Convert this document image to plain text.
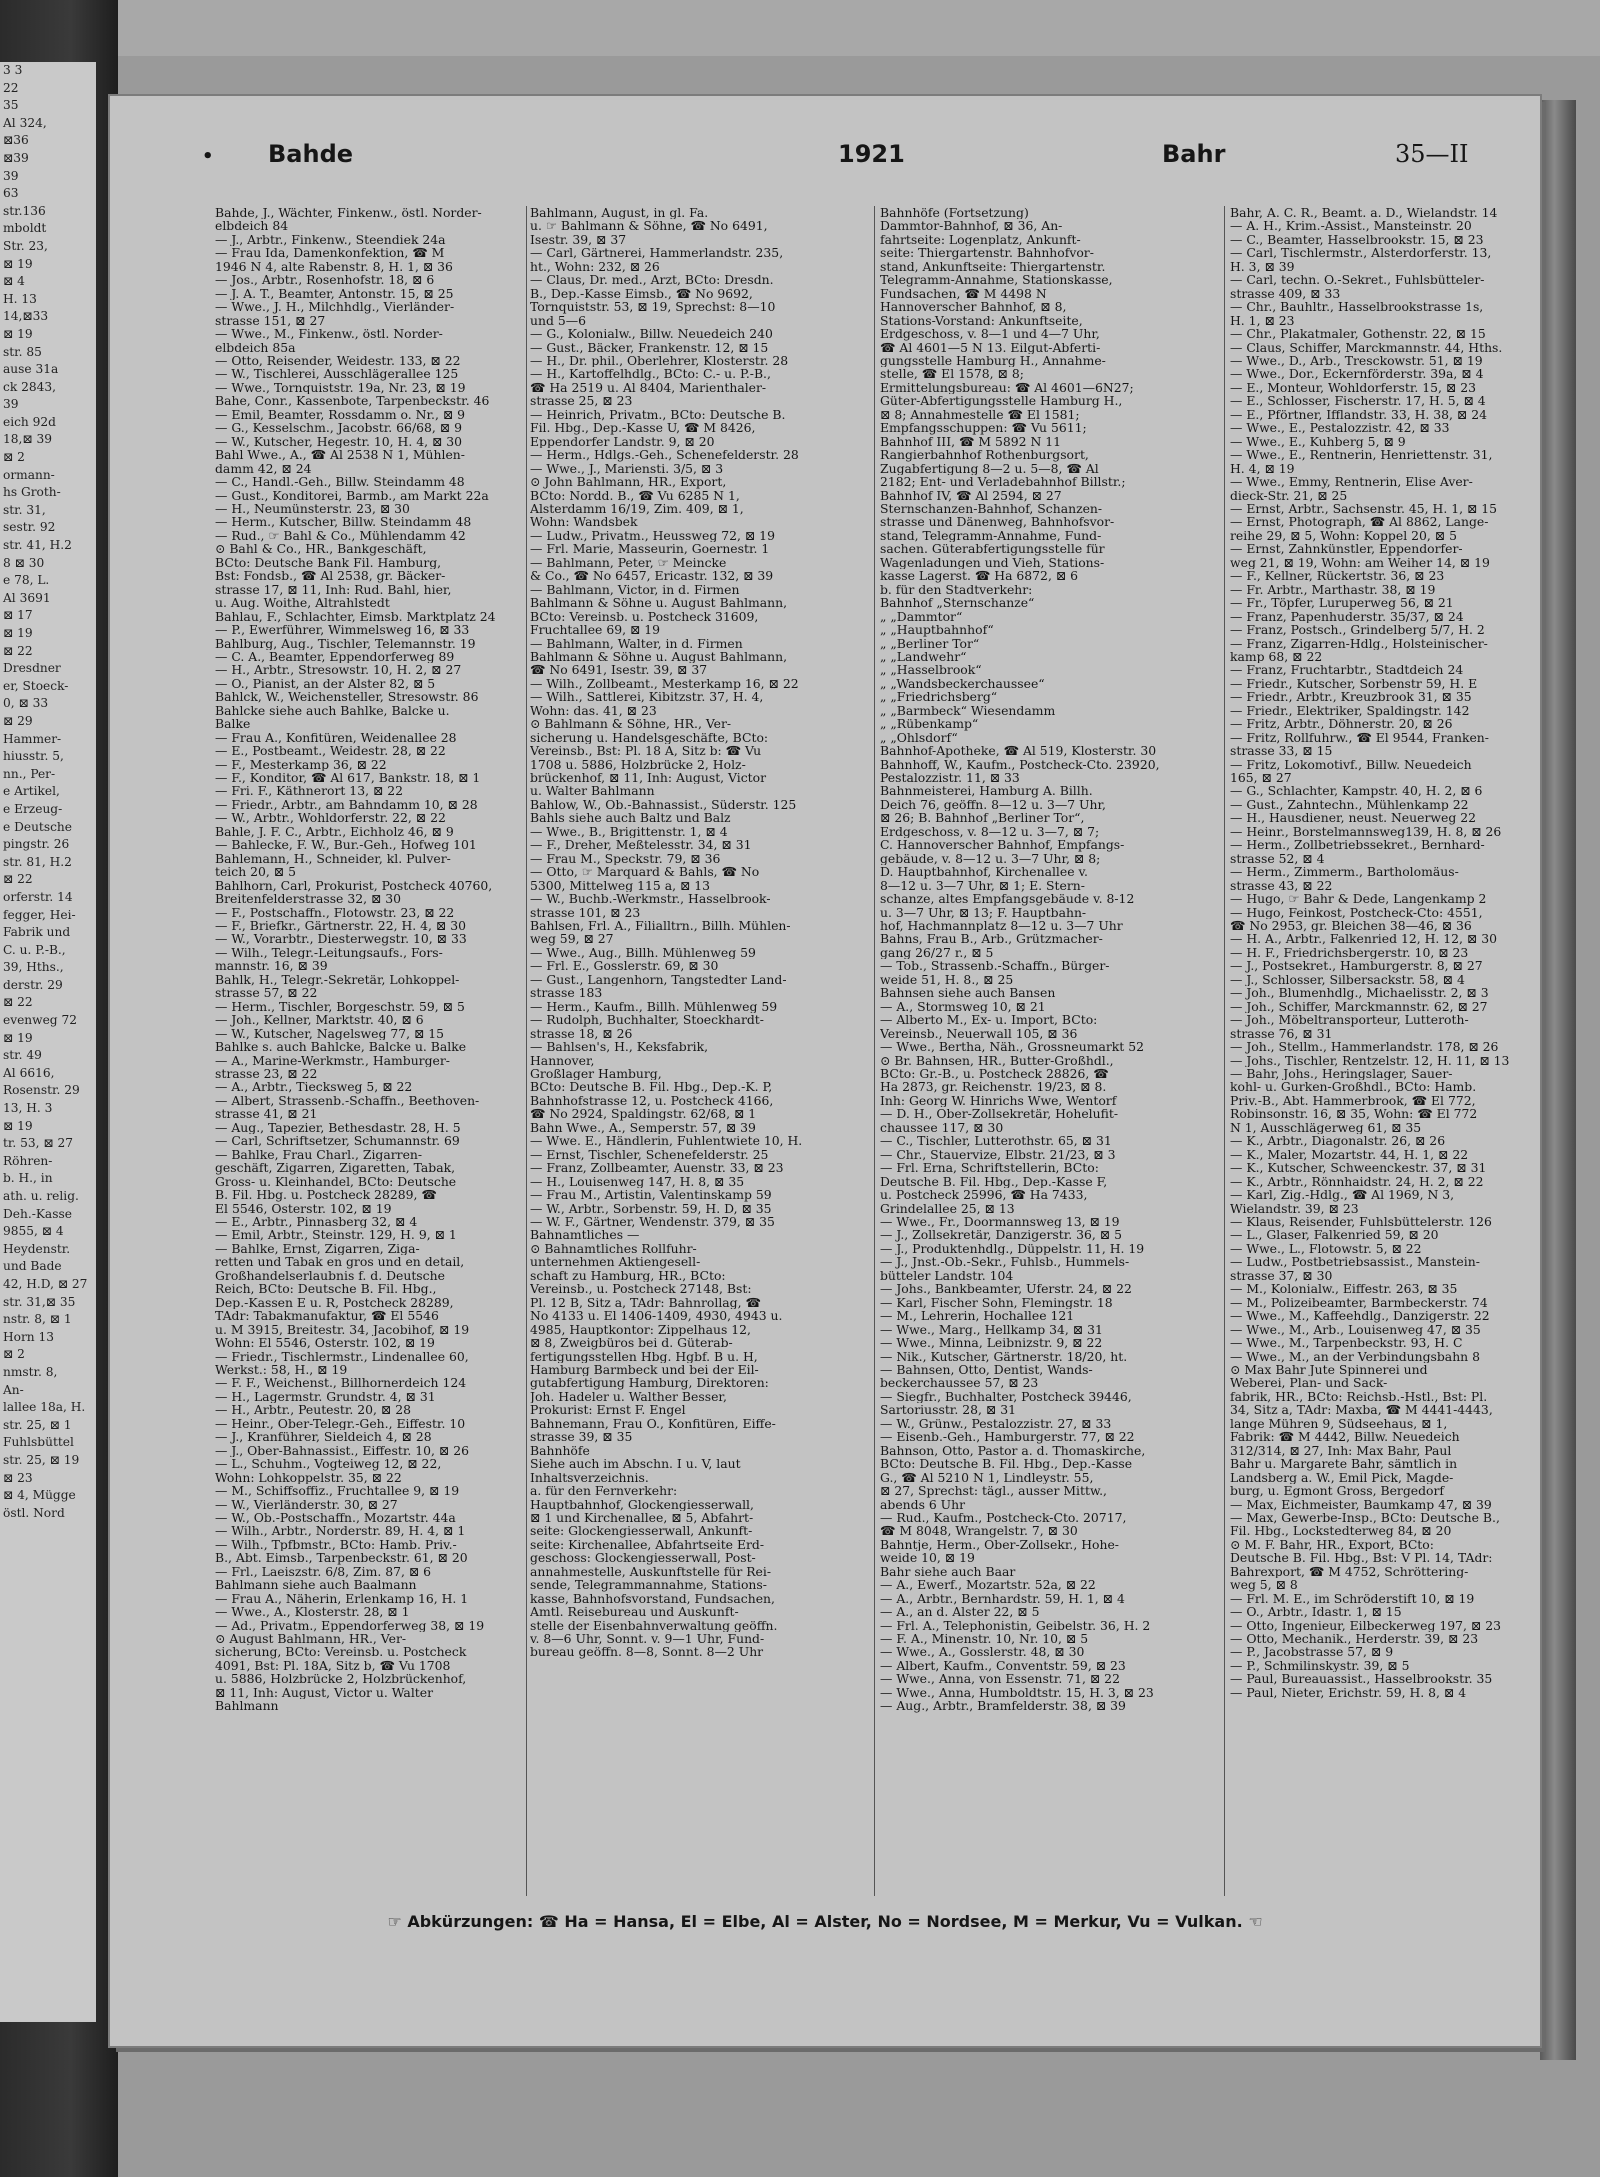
3 3
22
35
Al 324,
⊠36
⊠39
39
63
str.136
mboldt
Str. 23,
⊠ 19
⊠ 4
H. 13
14,⊠33
⊠ 19
str. 85
ause 31a
ck 2843,
39
eich 92d
18,⊠ 39
⊠ 2
ormann-
hs Groth-
str. 31,
sestr. 92
str. 41, H.2
8 ⊠ 30
e 78, L.
Al 3691
⊠ 17
⊠ 19
⊠ 22
Dresdner
er, Stoeck-
0, ⊠ 33
⊠ 29
Hammer-
hiusstr. 5,
nn., Per-
e Artikel,
e Erzeug-
e Deutsche
pingstr. 26
str. 81, H.2
⊠ 22
orferstr. 14
fegger, Hei-
Fabrik und
C. u. P.-B.,
39, Hths.,
derstr. 29
⊠ 22
evenweg 72
⊠ 19
str. 49
Al 6616,
Rosenstr. 29
13, H. 3
⊠ 19
tr. 53, ⊠ 27
Röhren-
b. H., in
ath. u. relig.
Deh.-Kasse
9855, ⊠ 4
Heydenstr.
und Bade
42, H.D, ⊠ 27
str. 31,⊠ 35
nstr. 8, ⊠ 1
Horn 13
⊠ 2
nmstr. 8,
An-
lallee 18a, H.
str. 25, ⊠ 1
Fuhlsbüttel
str. 25, ⊠ 19
⊠ 23
⊠ 4, Mügge
östl. Nord
• Bahde	1921	Bahr	35—II
Bahde, J., Wächter, Finkenw., östl. Norder-
elbdeich 84
— J., Arbtr., Finkenw., Steendiek 24a
— Frau Ida, Damenkonfektion, ☎ M
1946 N 4, alte Rabenstr. 8, H. 1, ⊠ 36
— Jos., Arbtr., Rosenhofstr. 18, ⊠ 6
— J. A. T., Beamter, Antonstr. 15, ⊠ 25
— Wwe., J. H., Milchhdlg., Vierländer-
strasse 151, ⊠ 27
— Wwe., M., Finkenw., östl. Norder-
elbdeich 85a
— Otto, Reisender, Weidestr. 133, ⊠ 22
— W., Tischlerei, Ausschlägerallee 125
— Wwe., Tornquiststr. 19a, Nr. 23, ⊠ 19
Bahe, Conr., Kassenbote, Tarpenbeckstr. 46
— Emil, Beamter, Rossdamm o. Nr., ⊠ 9
— G., Kesselschm., Jacobstr. 66/68, ⊠ 9
— W., Kutscher, Hegestr. 10, H. 4, ⊠ 30
Bahl Wwe., A., ☎ Al 2538 N 1, Mühlen-
damm 42, ⊠ 24
— C., Handl.-Geh., Billw. Steindamm 48
— Gust., Konditorei, Barmb., am Markt 22a
— H., Neumünsterstr. 23, ⊠ 30
— Herm., Kutscher, Billw. Steindamm 48
— Rud., ☞ Bahl & Co., Mühlendamm 42
⊙ Bahl & Co., HR., Bankgeschäft,
BCto: Deutsche Bank Fil. Hamburg,
Bst: Fondsb., ☎ Al 2538, gr. Bäcker-
strasse 17, ⊠ 11, Inh: Rud. Bahl, hier,
u. Aug. Woithe, Altrahlstedt
Bahlau, F., Schlachter, Eimsb. Marktplatz 24
— P., Ewerführer, Wimmelsweg 16, ⊠ 33
Bahlburg, Aug., Tischler, Telemannstr. 19
— C. A., Beamter, Eppendorferweg 89
— H., Arbtr., Stresowstr. 10, H. 2, ⊠ 27
— O., Pianist, an der Alster 82, ⊠ 5
Bahlck, W., Weichensteller, Stresowstr. 86
Bahlcke siehe auch Bahlke, Balcke u.
Balke
— Frau A., Konfitüren, Weidenallee 28
— E., Postbeamt., Weidestr. 28, ⊠ 22
— F., Mesterkamp 36, ⊠ 22
— F., Konditor, ☎ Al 617, Bankstr. 18, ⊠ 1
— Fri. F., Käthnerort 13, ⊠ 22
— Friedr., Arbtr., am Bahndamm 10, ⊠ 28
— W., Arbtr., Wohldorferstr. 22, ⊠ 22
Bahle, J. F. C., Arbtr., Eichholz 46, ⊠ 9
— Bahlecke, F. W., Bur.-Geh., Hofweg 101
Bahlemann, H., Schneider, kl. Pulver-
teich 20, ⊠ 5
Bahlhorn, Carl, Prokurist, Postcheck 40760,
Breitenfelderstrasse 32, ⊠ 30
— F., Postschaffn., Flotowstr. 23, ⊠ 22
— F., Briefkr., Gärtnerstr. 22, H. 4, ⊠ 30
— W., Vorarbtr., Diesterwegstr. 10, ⊠ 33
— Wilh., Telegr.-Leitungsaufs., Fors-
mannstr. 16, ⊠ 39
Bahlk, H., Telegr.-Sekretär, Lohkoppel-
strasse 57, ⊠ 22
— Herm., Tischler, Borgeschstr. 59, ⊠ 5
— Joh., Kellner, Marktstr. 40, ⊠ 6
— W., Kutscher, Nagelsweg 77, ⊠ 15
Bahlke s. auch Bahlcke, Balcke u. Balke
— A., Marine-Werkmstr., Hamburger-
strasse 23, ⊠ 22
— A., Arbtr., Tiecksweg 5, ⊠ 22
— Albert, Strassenb.-Schaffn., Beethoven-
strasse 41, ⊠ 21
— Aug., Tapezier, Bethesdastr. 28, H. 5
— Carl, Schriftsetzer, Schumannstr. 69
— Bahlke, Frau Charl., Zigarren-
geschäft, Zigarren, Zigaretten, Tabak,
Gross- u. Kleinhandel, BCto: Deutsche
B. Fil. Hbg. u. Postcheck 28289, ☎
El 5546, Osterstr. 102, ⊠ 19
— E., Arbtr., Pinnasberg 32, ⊠ 4
— Emil, Arbtr., Steinstr. 129, H. 9, ⊠ 1
— Bahlke, Ernst, Zigarren, Ziga-
retten und Tabak en gros und en detail,
Großhandelserlaubnis f. d. Deutsche
Reich, BCto: Deutsche B. Fil. Hbg.,
Dep.-Kassen E u. R, Postcheck 28289,
TAdr: Tabakmanufaktur, ☎ El 5546
u. M 3915, Breitestr. 34, Jacobihof, ⊠ 19
Wohn: El 5546, Osterstr. 102, ⊠ 19
— Friedr., Tischlermstr., Lindenallee 60,
Werkst.: 58, H., ⊠ 19
— F. F., Weichenst., Billhornerdeich 124
— H., Lagermstr. Grundstr. 4, ⊠ 31
— H., Arbtr., Peutestr. 20, ⊠ 28
— Heinr., Ober-Telegr.-Geh., Eiffestr. 10
— J., Kranführer, Sieldeich 4, ⊠ 28
— J., Ober-Bahnassist., Eiffestr. 10, ⊠ 26
— L., Schuhm., Vogteiweg 12, ⊠ 22,
Wohn: Lohkoppelstr. 35, ⊠ 22
— M., Schiffsoffiz., Fruchtallee 9, ⊠ 19
— W., Vierländerstr. 30, ⊠ 27
— W., Ob.-Postschaffn., Mozartstr. 44a
— Wilh., Arbtr., Norderstr. 89, H. 4, ⊠ 1
— Wilh., Tpfbmstr., BCto: Hamb. Priv.-
B., Abt. Eimsb., Tarpenbeckstr. 61, ⊠ 20
— Frl., Laeiszstr. 6/8, Zim. 87, ⊠ 6
Bahlmann siehe auch Baalmann
— Frau A., Näherin, Erlenkamp 16, H. 1
— Wwe., A., Klosterstr. 28, ⊠ 1
— Ad., Privatm., Eppendorferweg 38, ⊠ 19
⊙ August Bahlmann, HR., Ver-
sicherung, BCto: Vereinsb. u. Postcheck
4091, Bst: Pl. 18A, Sitz b, ☎ Vu 1708
u. 5886, Holzbrücke 2, Holzbrückenhof,
⊠ 11, Inh: August, Victor u. Walter
Bahlmann
Bahlmann, August, in gl. Fa.
u. ☞ Bahlmann & Söhne, ☎ No 6491,
Isestr. 39, ⊠ 37
— Carl, Gärtnerei, Hammerlandstr. 235,
ht., Wohn: 232, ⊠ 26
— Claus, Dr. med., Arzt, BCto: Dresdn.
B., Dep.-Kasse Eimsb., ☎ No 9692,
Tornquiststr. 53, ⊠ 19, Sprechst: 8—10
und 5—6
— G., Kolonialw., Billw. Neuedeich 240
— Gust., Bäcker, Frankenstr. 12, ⊠ 15
— H., Dr. phil., Oberlehrer, Klosterstr. 28
— H., Kartoffelhdlg., BCto: C.- u. P.-B.,
☎ Ha 2519 u. Al 8404, Marienthaler-
strasse 25, ⊠ 23
— Heinrich, Privatm., BCto: Deutsche B.
Fil. Hbg., Dep.-Kasse U, ☎ M 8426,
Eppendorfer Landstr. 9, ⊠ 20
— Herm., Hdlgs.-Geh., Schenefelderstr. 28
— Wwe., J., Mariensti. 3/5, ⊠ 3
⊙ John Bahlmann, HR., Export,
BCto: Nordd. B., ☎ Vu 6285 N 1,
Alsterdamm 16/19, Zim. 409, ⊠ 1,
Wohn: Wandsbek
— Ludw., Privatm., Heussweg 72, ⊠ 19
— Frl. Marie, Masseurin, Goernestr. 1
— Bahlmann, Peter, ☞ Meincke
& Co., ☎ No 6457, Ericastr. 132, ⊠ 39
— Bahlmann, Victor, in d. Firmen
Bahlmann & Söhne u. August Bahlmann,
BCto: Vereinsb. u. Postcheck 31609,
Fruchtallee 69, ⊠ 19
— Bahlmann, Walter, in d. Firmen
Bahlmann & Söhne u. August Bahlmann,
☎ No 6491, Isestr. 39, ⊠ 37
— Wilh., Zollbeamt., Mesterkamp 16, ⊠ 22
— Wilh., Sattlerei, Kibitzstr. 37, H. 4,
Wohn: das. 41, ⊠ 23
⊙ Bahlmann & Söhne, HR., Ver-
sicherung u. Handelsgeschäfte, BCto:
Vereinsb., Bst: Pl. 18 A, Sitz b: ☎ Vu
1708 u. 5886, Holzbrücke 2, Holz-
brückenhof, ⊠ 11, Inh: August, Victor
u. Walter Bahlmann
Bahlow, W., Ob.-Bahnassist., Süderstr. 125
Bahls siehe auch Baltz und Balz
— Wwe., B., Brigittenstr. 1, ⊠ 4
— F., Dreher, Meßtelesstr. 34, ⊠ 31
— Frau M., Speckstr. 79, ⊠ 36
— Otto, ☞ Marquard & Bahls, ☎ No
5300, Mittelweg 115 a, ⊠ 13
— W., Buchb.-Werkmstr., Hasselbrook-
strasse 101, ⊠ 23
Bahlsen, Frl. A., Filialltrn., Billh. Mühlen-
weg 59, ⊠ 27
— Wwe., Aug., Billh. Mühlenweg 59
— Frl. E., Gosslerstr. 69, ⊠ 30
— Gust., Langenhorn, Tangstedter Land-
strasse 183
— Herm., Kaufm., Billh. Mühlenweg 59
— Rudolph, Buchhalter, Stoeckhardt-
strasse 18, ⊠ 26
— Bahlsen's, H., Keksfabrik,
Hannover,
Großlager Hamburg,
BCto: Deutsche B. Fil. Hbg., Dep.-K. P,
Bahnhofstrasse 12, u. Postcheck 4166,
☎ No 2924, Spaldingstr. 62/68, ⊠ 1
Bahn Wwe., A., Semperstr. 57, ⊠ 39
— Wwe. E., Händlerin, Fuhlentwiete 10, H.
— Ernst, Tischler, Schenefelderstr. 25
— Franz, Zollbeamter, Auenstr. 33, ⊠ 23
— H., Louisenweg 147, H. 8, ⊠ 35
— Frau M., Artistin, Valentinskamp 59
— W., Arbtr., Sorbenstr. 59, H. D, ⊠ 35
— W. F., Gärtner, Wendenstr. 379, ⊠ 35
Bahnamtliches —
⊙ Bahnamtliches Rollfuhr-
unternehmen Aktiengesell-
schaft zu Hamburg, HR., BCto:
Vereinsb., u. Postcheck 27148, Bst:
Pl. 12 B, Sitz a, TAdr: Bahnrollag, ☎
No 4133 u. El 1406-1409, 4930, 4943 u.
4985, Hauptkontor: Zippelhaus 12,
⊠ 8, Zweigbüros bei d. Güterab-
fertigungsstellen Hbg. Hgbf. B u. H,
Hamburg Barmbeck und bei der Eil-
gutabfertigung Hamburg, Direktoren:
Joh. Hadeler u. Walther Besser,
Prokurist: Ernst F. Engel
Bahnemann, Frau O., Konfitüren, Eiffe-
strasse 39, ⊠ 35
Bahnhöfe
Siehe auch im Abschn. I u. V, laut
Inhaltsverzeichnis.
a. für den Fernverkehr:
Hauptbahnhof, Glockengiesserwall,
⊠ 1 und Kirchenallee, ⊠ 5, Abfahrt-
seite: Glockengiesserwall, Ankunft-
seite: Kirchenallee, Abfahrtseite Erd-
geschoss: Glockengiesserwall, Post-
annahmestelle, Auskunftstelle für Rei-
sende, Telegrammannahme, Stations-
kasse, Bahnhofsvorstand, Fundsachen,
Amtl. Reisebureau und Auskunft-
stelle der Eisenbahnverwaltung geöffn.
v. 8—6 Uhr, Sonnt. v. 9—1 Uhr, Fund-
bureau geöffn. 8—8, Sonnt. 8—2 Uhr
Bahnhöfe (Fortsetzung)
Dammtor-Bahnhof, ⊠ 36, An-
fahrtseite: Logenplatz, Ankunft-
seite: Thiergartenstr. Bahnhofvor-
stand, Ankunftseite: Thiergartenstr.
Telegramm-Annahme, Stationskasse,
Fundsachen, ☎ M 4498 N
Hannoverscher Bahnhof, ⊠ 8,
Stations-Vorstand: Ankunftseite,
Erdgeschoss, v. 8—1 und 4—7 Uhr,
☎ Al 4601—5 N 13. Eilgut-Abferti-
gungsstelle Hamburg H., Annahme-
stelle, ☎ El 1578, ⊠ 8;
Ermittelungsbureau: ☎ Al 4601—6N27;
Güter-Abfertigungsstelle Hamburg H.,
⊠ 8; Annahmestelle ☎ El 1581;
Empfangsschuppen: ☎ Vu 5611;
Bahnhof III, ☎ M 5892 N 11
Rangierbahnhof Rothenburgsort,
Zugabfertigung 8—2 u. 5—8, ☎ Al
2182; Ent- und Verladebahnhof Billstr.;
Bahnhof IV, ☎ Al 2594, ⊠ 27
Sternschanzen-Bahnhof, Schanzen-
strasse und Dänenweg, Bahnhofsvor-
stand, Telegramm-Annahme, Fund-
sachen. Güterabfertigungsstelle für
Wagenladungen und Vieh, Stations-
kasse Lagerst. ☎ Ha 6872, ⊠ 6
b. für den Stadtverkehr:
Bahnhof „Sternschanze“
„ „Dammtor“
„ „Hauptbahnhof“
„ „Berliner Tor“
„ „Landwehr“
„ „Hasselbrook“
„ „Wandsbeckerchaussee“
„ „Friedrichsberg“
„ „Barmbeck“ Wiesendamm
„ „Rübenkamp“
„ „Ohlsdorf“
Bahnhof-Apotheke, ☎ Al 519, Klosterstr. 30
Bahnhoff, W., Kaufm., Postcheck-Cto. 23920,
Pestalozzistr. 11, ⊠ 33
Bahnmeisterei, Hamburg A. Billh.
Deich 76, geöffn. 8—12 u. 3—7 Uhr,
⊠ 26; B. Bahnhof „Berliner Tor“,
Erdgeschoss, v. 8—12 u. 3—7, ⊠ 7;
C. Hannoverscher Bahnhof, Empfangs-
gebäude, v. 8—12 u. 3—7 Uhr, ⊠ 8;
D. Hauptbahnhof, Kirchenallee v.
8—12 u. 3—7 Uhr, ⊠ 1; E. Stern-
schanze, altes Empfangsgebäude v. 8-12
u. 3—7 Uhr, ⊠ 13; F. Hauptbahn-
hof, Hachmannplatz 8—12 u. 3—7 Uhr
Bahns, Frau B., Arb., Grützmacher-
gang 26/27 r., ⊠ 5
— Tob., Strassenb.-Schaffn., Bürger-
weide 51, H. 8., ⊠ 25
Bahnsen siehe auch Bansen
— A., Stormsweg 10, ⊠ 21
— Alberto M., Ex- u. Import, BCto:
Vereinsb., Neuerwall 105, ⊠ 36
— Wwe., Bertha, Näh., Grossneumarkt 52
⊙ Br. Bahnsen, HR., Butter-Großhdl.,
BCto: Gr.-B., u. Postcheck 28826, ☎
Ha 2873, gr. Reichenstr. 19/23, ⊠ 8.
Inh: Georg W. Hinrichs Wwe, Wentorf
— D. H., Ober-Zollsekretär, Hohelufit-
chaussee 117, ⊠ 30
— C., Tischler, Lutterothstr. 65, ⊠ 31
— Chr., Stauervize, Elbstr. 21/23, ⊠ 3
— Frl. Erna, Schriftstellerin, BCto:
Deutsche B. Fil. Hbg., Dep.-Kasse F,
u. Postcheck 25996, ☎ Ha 7433,
Grindelallee 25, ⊠ 13
— Wwe., Fr., Doormannsweg 13, ⊠ 19
— J., Zollsekretär, Danzigerstr. 36, ⊠ 5
— J., Produktenhdlg., Düppelstr. 11, H. 19
— J., Jnst.-Ob.-Sekr., Fuhlsb., Hummels-
bütteler Landstr. 104
— Johs., Bankbeamter, Uferstr. 24, ⊠ 22
— Karl, Fischer Sohn, Flemingstr. 18
— M., Lehrerin, Hochallee 121
— Wwe., Marg., Hellkamp 34, ⊠ 31
— Wwe., Minna, Leibnizstr. 9, ⊠ 22
— Nik., Kutscher, Gärtnerstr. 18/20, ht.
— Bahnsen, Otto, Dentist, Wands-
beckerchaussee 57, ⊠ 23
— Siegfr., Buchhalter, Postcheck 39446,
Sartoriusstr. 28, ⊠ 31
— W., Grünw., Pestalozzistr. 27, ⊠ 33
— Eisenb.-Geh., Hamburgerstr. 77, ⊠ 22
Bahnson, Otto, Pastor a. d. Thomaskirche,
BCto: Deutsche B. Fil. Hbg., Dep.-Kasse
G., ☎ Al 5210 N 1, Lindleystr. 55,
⊠ 27, Sprechst: tägl., ausser Mittw.,
abends 6 Uhr
— Rud., Kaufm., Postcheck-Cto. 20717,
☎ M 8048, Wrangelstr. 7, ⊠ 30
Bahntje, Herm., Ober-Zollsekr., Hohe-
weide 10, ⊠ 19
Bahr siehe auch Baar
— A., Ewerf., Mozartstr. 52a, ⊠ 22
— A., Arbtr., Bernhardstr. 59, H. 1, ⊠ 4
— A., an d. Alster 22, ⊠ 5
— Frl. A., Telephonistin, Geibelstr. 36, H. 2
— F. A., Minenstr. 10, Nr. 10, ⊠ 5
— Wwe., A., Gosslerstr. 48, ⊠ 30
— Albert, Kaufm., Conventstr. 59, ⊠ 23
— Wwe., Anna, von Essenstr. 71, ⊠ 22
— Wwe., Anna, Humboldtstr. 15, H. 3, ⊠ 23
— Aug., Arbtr., Bramfelderstr. 38, ⊠ 39
Bahr, A. C. R., Beamt. a. D., Wielandstr. 14
— A. H., Krim.-Assist., Mansteinstr. 20
— C., Beamter, Hasselbrookstr. 15, ⊠ 23
— Carl, Tischlermstr., Alsterdorferstr. 13,
H. 3, ⊠ 39
— Carl, techn. O.-Sekret., Fuhlsbütteler-
strasse 409, ⊠ 33
— Chr., Bauhltr., Hasselbrookstrasse 1s,
H. 1, ⊠ 23
— Chr., Plakatmaler, Gothenstr. 22, ⊠ 15
— Claus, Schiffer, Marckmannstr. 44, Hths.
— Wwe., D., Arb., Tresckowstr. 51, ⊠ 19
— Wwe., Dor., Eckernförderstr. 39a, ⊠ 4
— E., Monteur, Wohldorferstr. 15, ⊠ 23
— E., Schlosser, Fischerstr. 17, H. 5, ⊠ 4
— E., Pförtner, Ifflandstr. 33, H. 38, ⊠ 24
— Wwe., E., Pestalozzistr. 42, ⊠ 33
— Wwe., E., Kuhberg 5, ⊠ 9
— Wwe., E., Rentnerin, Henriettenstr. 31,
H. 4, ⊠ 19
— Wwe., Emmy, Rentnerin, Elise Aver-
dieck-Str. 21, ⊠ 25
— Ernst, Arbtr., Sachsenstr. 45, H. 1, ⊠ 15
— Ernst, Photograph, ☎ Al 8862, Lange-
reihe 29, ⊠ 5, Wohn: Koppel 20, ⊠ 5
— Ernst, Zahnkünstler, Eppendorfer-
weg 21, ⊠ 19, Wohn: am Weiher 14, ⊠ 19
— F., Kellner, Rückertstr. 36, ⊠ 23
— Fr. Arbtr., Marthastr. 38, ⊠ 19
— Fr., Töpfer, Luruperweg 56, ⊠ 21
— Franz, Papenhuderstr. 35/37, ⊠ 24
— Franz, Postsch., Grindelberg 5/7, H. 2
— Franz, Zigarren-Hdlg., Holsteinischer-
kamp 68, ⊠ 22
— Franz, Fruchtarbtr., Stadtdeich 24
— Friedr., Kutscher, Sorbenstr 59, H. E
— Friedr., Arbtr., Kreuzbrook 31, ⊠ 35
— Friedr., Elektriker, Spaldingstr. 142
— Fritz, Arbtr., Döhnerstr. 20, ⊠ 26
— Fritz, Rollfuhrw., ☎ El 9544, Franken-
strasse 33, ⊠ 15
— Fritz, Lokomotivf., Billw. Neuedeich
165, ⊠ 27
— G., Schlachter, Kampstr. 40, H. 2, ⊠ 6
— Gust., Zahntechn., Mühlenkamp 22
— H., Hausdiener, neust. Neuerweg 22
— Heinr., Borstelmannsweg139, H. 8, ⊠ 26
— Herm., Zollbetriebssekret., Bernhard-
strasse 52, ⊠ 4
— Herm., Zimmerm., Bartholomäus-
strasse 43, ⊠ 22
— Hugo, ☞ Bahr & Dede, Langenkamp 2
— Hugo, Feinkost, Postcheck-Cto: 4551,
☎ No 2953, gr. Bleichen 38—46, ⊠ 36
— H. A., Arbtr., Falkenried 12, H. 12, ⊠ 30
— H. F., Friedrichsbergerstr. 10, ⊠ 23
— J., Postsekret., Hamburgerstr. 8, ⊠ 27
— J., Schlosser, Silbersackstr. 58, ⊠ 4
— Joh., Blumenhdlg., Michaelisstr. 2, ⊠ 3
— Joh., Schiffer, Marckmannstr. 62, ⊠ 27
— Joh., Möbeltransporteur, Lutteroth-
strasse 76, ⊠ 31
— Joh., Stellm., Hammerlandstr. 178, ⊠ 26
— Johs., Tischler, Rentzelstr. 12, H. 11, ⊠ 13
— Bahr, Johs., Heringslager, Sauer-
kohl- u. Gurken-Großhdl., BCto: Hamb.
Priv.-B., Abt. Hammerbrook, ☎ El 772,
Robinsonstr. 16, ⊠ 35, Wohn: ☎ El 772
N 1, Ausschlägerweg 61, ⊠ 35
— K., Arbtr., Diagonalstr. 26, ⊠ 26
— K., Maler, Mozartstr. 44, H. 1, ⊠ 22
— K., Kutscher, Schweenckestr. 37, ⊠ 31
— K., Arbtr., Rönnhaidstr. 24, H. 2, ⊠ 22
— Karl, Zig.-Hdlg., ☎ Al 1969, N 3,
Wielandstr. 39, ⊠ 23
— Klaus, Reisender, Fuhlsbüttelerstr. 126
— L., Glaser, Falkenried 59, ⊠ 20
— Wwe., L., Flotowstr. 5, ⊠ 22
— Ludw., Postbetriebsassist., Manstein-
strasse 37, ⊠ 30
— M., Kolonialw., Eiffestr. 263, ⊠ 35
— M., Polizeibeamter, Barmbeckerstr. 74
— Wwe., M., Kaffeehdlg., Danzigerstr. 22
— Wwe., M., Arb., Louisenweg 47, ⊠ 35
— Wwe., M., Tarpenbeckstr. 93, H. C
— Wwe., M., an der Verbindungsbahn 8
⊙ Max Bahr Jute Spinnerei und
Weberei, Plan- und Sack-
fabrik, HR., BCto: Reichsb.-Hstl., Bst: Pl.
34, Sitz a, TAdr: Maxba, ☎ M 4441-4443,
lange Mühren 9, Südseehaus, ⊠ 1,
Fabrik: ☎ M 4442, Billw. Neuedeich
312/314, ⊠ 27, Inh: Max Bahr, Paul
Bahr u. Margarete Bahr, sämtlich in
Landsberg a. W., Emil Pick, Magde-
burg, u. Egmont Gross, Bergedorf
— Max, Eichmeister, Baumkamp 47, ⊠ 39
— Max, Gewerbe-Insp., BCto: Deutsche B.,
Fil. Hbg., Lockstedterweg 84, ⊠ 20
⊙ M. F. Bahr, HR., Export, BCto:
Deutsche B. Fil. Hbg., Bst: V Pl. 14, TAdr:
Bahrexport, ☎ M 4752, Schröttering-
weg 5, ⊠ 8
— Frl. M. E., im Schröderstift 10, ⊠ 19
— O., Arbtr., Idastr. 1, ⊠ 15
— Otto, Ingenieur, Eilbeckerweg 197, ⊠ 23
— Otto, Mechanik., Herderstr. 39, ⊠ 23
— P., Jacobstrasse 57, ⊠ 9
— P., Schmilinskystr. 39, ⊠ 5
— Paul, Bureauassist., Hasselbrookstr. 35
— Paul, Nieter, Erichstr. 59, H. 8, ⊠ 4
☞ Abkürzungen: ☎ Ha = Hansa, El = Elbe, Al = Alster, No = Nordsee, M = Merkur, Vu = Vulkan. ☜
